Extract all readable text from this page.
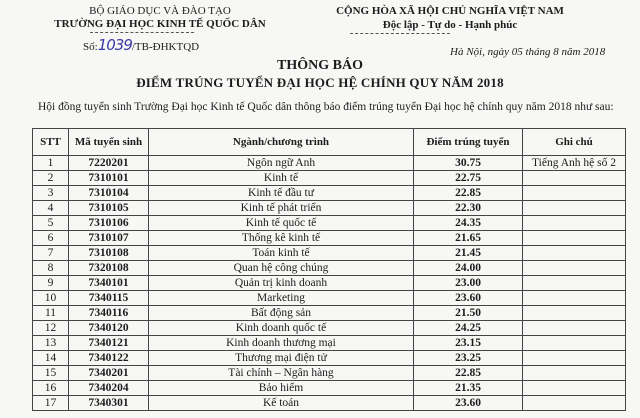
BỘ GIÁO DỤC VÀ ĐÀO TẠO
TRƯỜNG ĐẠI HỌC KINH TẾ QUỐC DÂN
Số:1039/TB-ĐHKTQD
CỘNG HÒA XÃ HỘI CHỦ NGHĨA VIỆT NAM
Độc lập - Tự do - Hạnh phúc
Hà Nội, ngày 05 tháng 8 năm 2018
THÔNG BÁO
ĐIỂM TRÚNG TUYỂN ĐẠI HỌC HỆ CHÍNH QUY NĂM 2018
Hội đồng tuyển sinh Trường Đại học Kinh tế Quốc dân thông báo điểm trúng tuyển Đại học hệ chính quy năm 2018 như sau:
STT	Mã tuyển sinh	Ngành/chương trình	Điểm trúng tuyển	Ghi chú
1	7220201	Ngôn ngữ Anh	30.75	Tiếng Anh hệ số 2
2	7310101	Kinh tế	22.75	
3	7310104	Kinh tế đầu tư	22.85	
4	7310105	Kinh tế phát triển	22.30	
5	7310106	Kinh tế quốc tế	24.35	
6	7310107	Thống kê kinh tế	21.65	
7	7310108	Toán kinh tế	21.45	
8	7320108	Quan hệ công chúng	24.00	
9	7340101	Quản trị kinh doanh	23.00	
10	7340115	Marketing	23.60	
11	7340116	Bất động sản	21.50	
12	7340120	Kinh doanh quốc tế	24.25	
13	7340121	Kinh doanh thương mại	23.15	
14	7340122	Thương mại điện tử	23.25	
15	7340201	Tài chính – Ngân hàng	22.85	
16	7340204	Bảo hiểm	21.35	
17	7340301	Kế toán	23.60	
